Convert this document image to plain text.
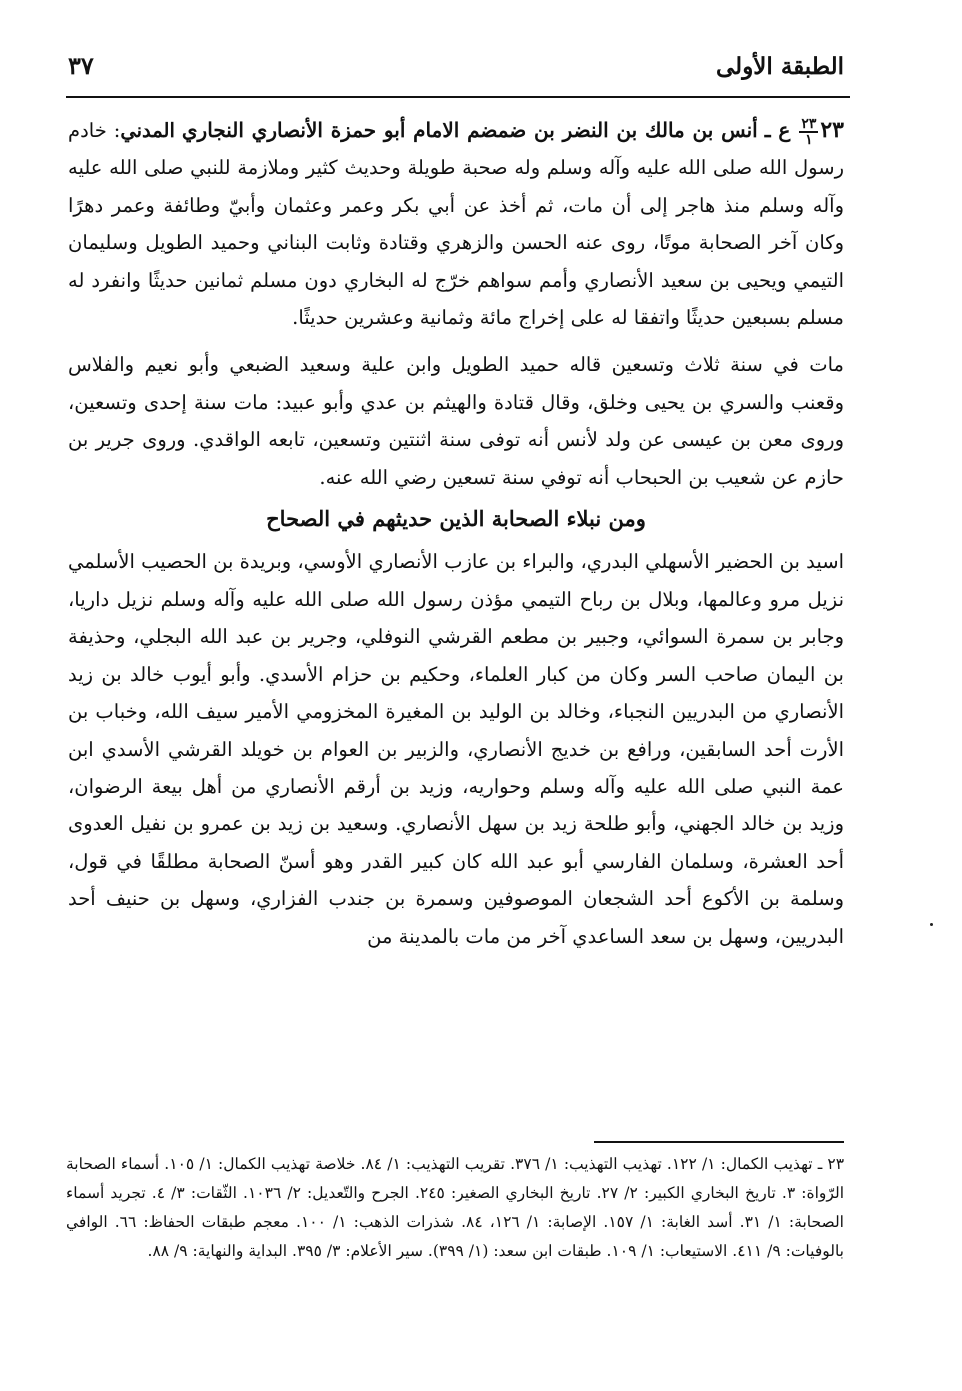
الطبقة الأولى
٣٧

٢٣
$\frac{٢٣}{١}$
ع ـ أنس بن مالك بن النضر بن ضمضم الامام أبو حمزة الأنصاري النجاري المدني: خادم رسول الله صلى الله عليه وآله وسلم وله صحبة طويلة وحديث كثير وملازمة للنبي صلى الله عليه وآله وسلم منذ هاجر إلى أن مات، ثم أخذ عن أبي بكر وعمر وعثمان وأبيّ وطائفة وعمر دهرًا وكان آخر الصحابة موتًا، روى عنه الحسن والزهري وقتادة وثابت البناني وحميد الطويل وسليمان التيمي ويحيى بن سعيد الأنصاري وأمم سواهم خرّج له البخاري دون مسلم ثمانين حديثًا وانفرد له مسلم بسبعين حديثًا واتفقا له على إخراج مائة وثمانية وعشرين حديثًا.

مات في سنة ثلاث وتسعين قاله حميد الطويل وابن علية وسعيد الضبعي وأبو نعيم والفلاس وقعنب والسري بن يحيى وخلق، وقال قتادة والهيثم بن عدي وأبو عبيد: مات سنة إحدى وتسعين، وروى معن بن عيسى عن ولد لأنس أنه توفى سنة اثنتين وتسعين، تابعه الواقدي. وروى جرير بن حازم عن شعيب بن الحبحاب أنه توفي سنة تسعين رضي الله عنه.

ومن نبلاء الصحابة الذين حديثهم في الصحاح

اسيد بن الحضير الأسهلي البدري، والبراء بن عازب الأنصاري الأوسي، وبريدة بن الحصيب الأسلمي نزيل مرو وعالمها، وبلال بن رباح التيمي مؤذن رسول الله صلى الله عليه وآله وسلم نزيل داريا، وجابر بن سمرة السوائي، وجبير بن مطعم القرشي النوفلي، وجرير بن عبد الله البجلي، وحذيفة بن اليمان صاحب السر وكان من كبار العلماء، وحكيم بن حزام الأسدي. وأبو أيوب خالد بن زيد الأنصاري من البدريين النجباء، وخالد بن الوليد بن المغيرة المخزومي الأمير سيف الله، وخباب بن الأرت أحد السابقين، ورافع بن خديج الأنصاري، والزبير بن العوام بن خويلد القرشي الأسدي ابن عمة النبي صلى الله عليه وآله وسلم وحواريه، وزيد بن أرقم الأنصاري من أهل بيعة الرضوان، وزيد بن خالد الجهني، وأبو طلحة زيد بن سهل الأنصاري. وسعيد بن زيد بن عمرو بن نفيل العدوى أحد العشرة، وسلمان الفارسي أبو عبد الله كان كبير القدر وهو أسنّ الصحابة مطلقًا في قول، وسلمة بن الأكوع أحد الشجعان الموصوفين وسمرة بن جندب الفزاري، وسهل بن حنيف أحد البدريين، وسهل بن سعد الساعدي آخر من مات بالمدينة من

٢٣ ـ تهذيب الكمال: ١/ ١٢٢. تهذيب التهذيب: ١/ ٣٧٦. تقريب التهذيب: ١/ ٨٤. خلاصة تهذيب الكمال: ١/ ١٠٥. أسماء الصحابة الرّواة: ٣. تاريخ البخاري الكبير: ٢/ ٢٧. تاريخ البخاري الصغير: ٢٤٥. الجرح والتّعديل: ٢/ ١٠٣٦. الثّقات: ٣/ ٤. تجريد أسماء الصحابة: ١/ ٣١. أسد الغابة: ١/ ١٥٧. الإصابة: ١/ ١٢٦، ٨٤. شذرات الذهب: ١/ ١٠٠. معجم طبقات الحفاظ: ٦٦. الوافي بالوفيات: ٩/ ٤١١. الاستيعاب: ١/ ١٠٩. طبقات ابن سعد: (١/ ٣٩٩). سير الأعلام: ٣/ ٣٩٥. البداية والنهاية: ٩/ ٨٨.
